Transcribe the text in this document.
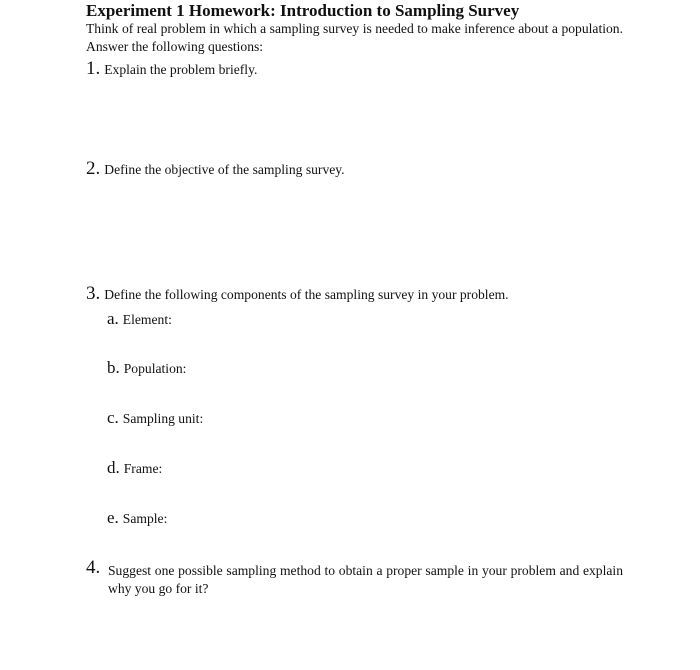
Experiment 1 Homework: Introduction to Sampling Survey
Think of real problem in which a sampling survey is needed to make inference about a population. Answer the following questions:
1. Explain the problem briefly.
2. Define the objective of the sampling survey.
3. Define the following components of the sampling survey in your problem.
a. Element:
b. Population:
c. Sampling unit:
d. Frame:
e. Sample:
4. Suggest one possible sampling method to obtain a proper sample in your problem and explain why you go for it?
